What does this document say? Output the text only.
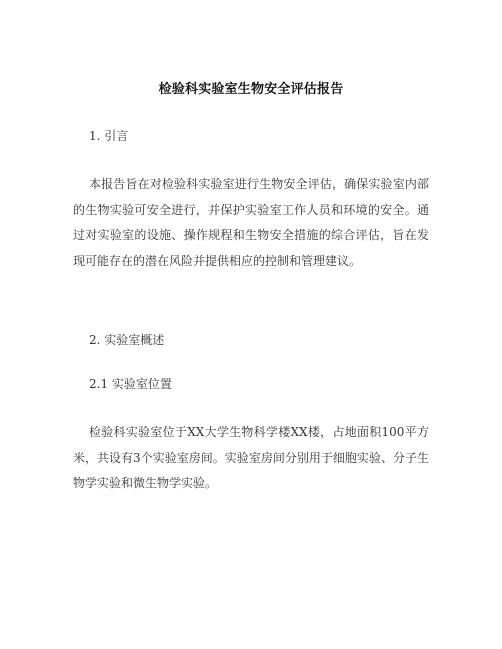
检验科实验室生物安全评估报告
1. 引言
本报告旨在对检验科实验室进行生物安全评估，确保实验室内部的生物实验可安全进行，并保护实验室工作人员和环境的安全。通过对实验室的设施、操作规程和生物安全措施的综合评估，旨在发现可能存在的潜在风险并提供相应的控制和管理建议。
2. 实验室概述
2.1 实验室位置
检验科实验室位于XX大学生物科学楼XX楼，占地面积100平方米，共设有3个实验室房间。实验室房间分别用于细胞实验、分子生物学实验和微生物学实验。
